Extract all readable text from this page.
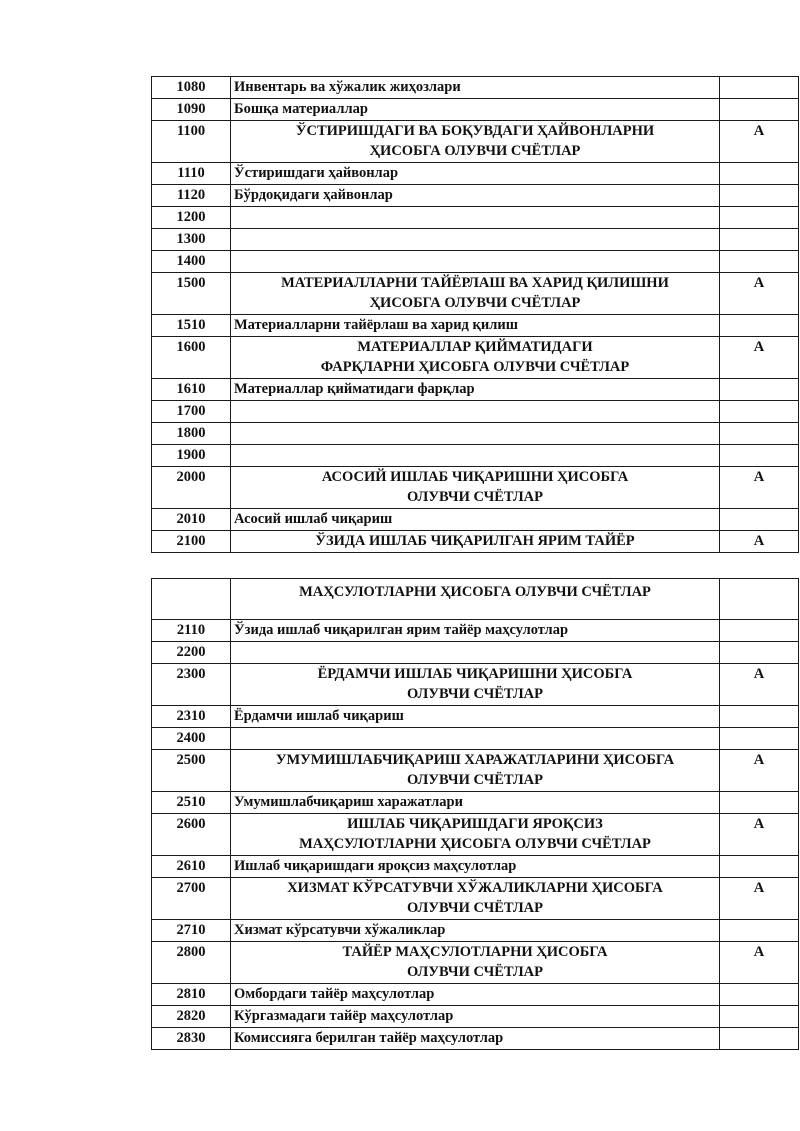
1080	Инвентарь ва хўжалик жиҳозлари	
1090	Бошқа материаллар	
1100	ЎСТИРИШДАГИ ВА БОҚУВДАГИ ҲАЙВОНЛАРНИ
ҲИСОБГА ОЛУВЧИ СЧЁТЛАР	А
1110	Ўстиришдаги ҳайвонлар	
1120	Бўрдоқидаги ҳайвонлар	
1200		
1300		
1400		
1500	МАТЕРИАЛЛАРНИ ТАЙЁРЛАШ ВА ХАРИД ҚИЛИШНИ
ҲИСОБГА ОЛУВЧИ СЧЁТЛАР	А
1510	Материалларни тайёрлаш ва харид қилиш	
1600	МАТЕРИАЛЛАР ҚИЙМАТИДАГИ
ФАРҚЛАРНИ ҲИСОБГА ОЛУВЧИ СЧЁТЛАР	А
1610	Материаллар қийматидаги фарқлар	
1700		
1800		
1900		
2000	АСОСИЙ ИШЛАБ ЧИҚАРИШНИ ҲИСОБГА
ОЛУВЧИ СЧЁТЛАР	А
2010	Асосий ишлаб чиқариш	
2100	ЎЗИДА ИШЛАБ ЧИҚАРИЛГАН ЯРИМ ТАЙЁР	А

	МАҲСУЛОТЛАРНИ ҲИСОБГА ОЛУВЧИ СЧЁТЛАР	

2110	Ўзида ишлаб чиқарилган ярим тайёр маҳсулотлар	
2200		
2300	ЁРДАМЧИ ИШЛАБ ЧИҚАРИШНИ ҲИСОБГА
ОЛУВЧИ СЧЁТЛАР	А
2310	Ёрдамчи ишлаб чиқариш	
2400		
2500	УМУМИШЛАБЧИҚАРИШ ХАРАЖАТЛАРИНИ ҲИСОБГА
ОЛУВЧИ СЧЁТЛАР	А
2510	Умумишлабчиқариш харажатлари	
2600	ИШЛАБ ЧИҚАРИШДАГИ ЯРОҚСИЗ
МАҲСУЛОТЛАРНИ ҲИСОБГА ОЛУВЧИ СЧЁТЛАР	А
2610	Ишлаб чиқаришдаги яроқсиз маҳсулотлар	
2700	ХИЗМАТ КЎРСАТУВЧИ ХЎЖАЛИКЛАРНИ ҲИСОБГА
ОЛУВЧИ СЧЁТЛАР	А
2710	Хизмат кўрсатувчи хўжаликлар	
2800	ТАЙЁР МАҲСУЛОТЛАРНИ ҲИСОБГА
ОЛУВЧИ СЧЁТЛАР	А
2810	Омбордаги тайёр маҳсулотлар	
2820	Кўргазмадаги тайёр маҳсулотлар	
2830	Комиссияга берилган тайёр маҳсулотлар	
